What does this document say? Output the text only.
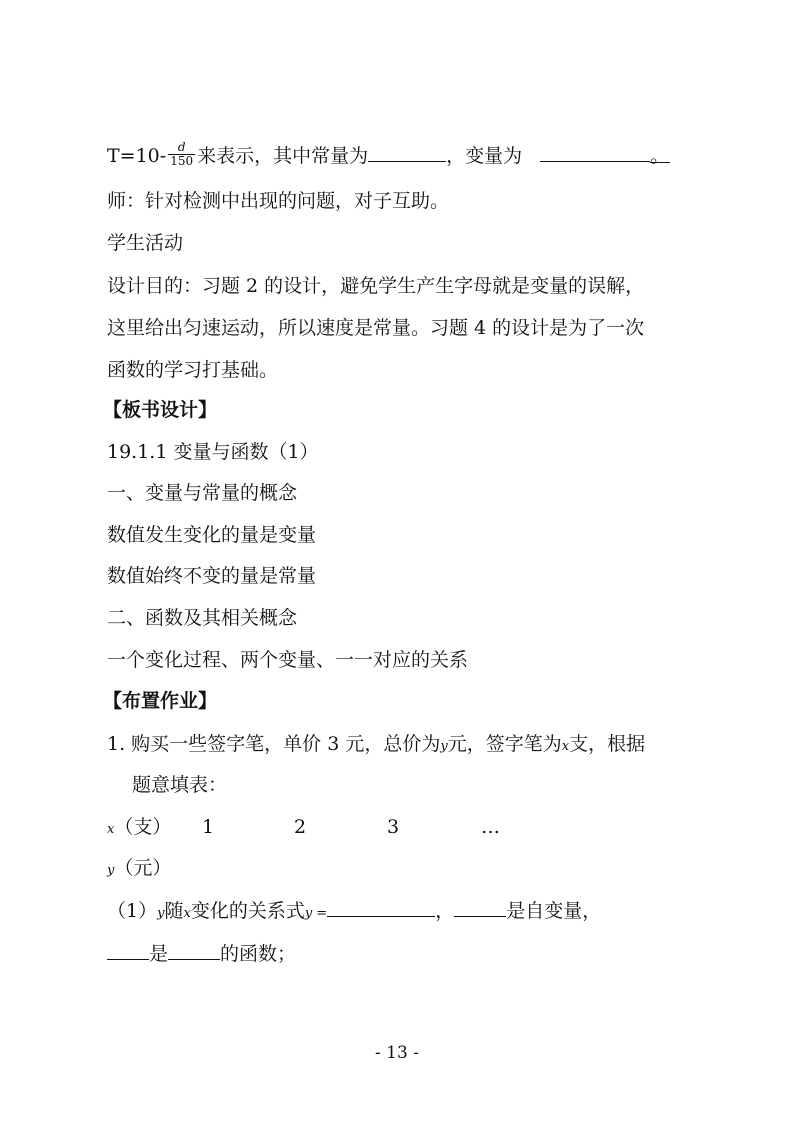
$T=10- \frac{d}{150}$ 来表示，其中常量为	，变量为	。
师：针对检测中出现的问题，对子互助。
学生活动
设计目的：习题 2 的设计，避免学生产生字母就是变量的误解，
这里给出匀速运动，所以速度是常量。习题 4 的设计是为了一次
函数的学习打基础。
【板书设计】
19.1.1 变量与函数（1）
一、变量与常量的概念
数值发生变化的量是变量
数值始终不变的量是常量
二、函数及其相关概念
一个变化过程、两个变量、一一对应的关系
【布置作业】
1. 购买一些签字笔，单价 3 元，总价为y元，签字笔为x支，根据
题意填表：
x（支） 1	2	3	…
y（元）
（1）y随x变化的关系式y =	，	是自变量，
是	的函数；
- 13 -
